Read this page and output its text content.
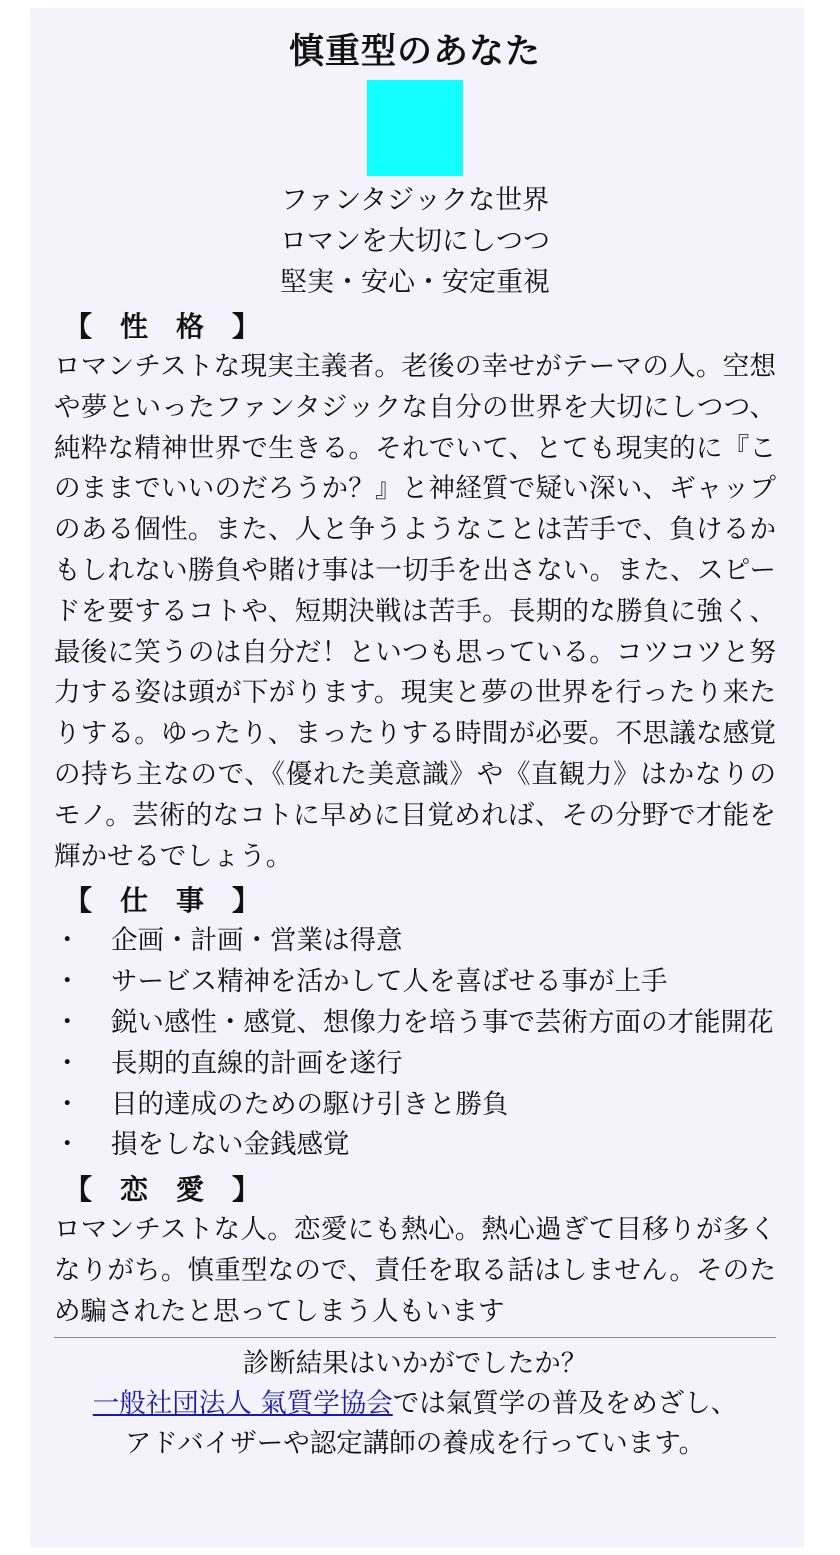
慎重型のあなた

ファンタジックな世界

ロマンを大切にしつつ

堅実・安心・安定重視

【　性　格　】

ロマンチストな現実主義者。老後の幸せがテーマの人。空想や夢といったファンタジックな自分の世界を大切にしつつ、純粋な精神世界で生きる。それでいて、とても現実的に『このままでいいのだろうか？』と神経質で疑い深い、ギャップのある個性。また、人と争うようなことは苦手で、負けるかもしれない勝負や賭け事は一切手を出さない。また、スピードを要するコトや、短期決戦は苦手。長期的な勝負に強く、最後に笑うのは自分だ！といつも思っている。コツコツと努力する姿は頭が下がります。現実と夢の世界を行ったり来たりする。ゆったり、まったりする時間が必要。不思議な感覚の持ち主なので、《優れた美意識》や《直観力》はかなりのモノ。芸術的なコトに早めに目覚めれば、その分野で才能を輝かせるでしょう。

【　仕　事　】
・ 企画・計画・営業は得意
・ サービス精神を活かして人を喜ばせる事が上手
・ 鋭い感性・感覚、想像力を培う事で芸術方面の才能開花
・ 長期的直線的計画を遂行
・ 目的達成のための駆け引きと勝負
・ 損をしない金銭感覚
【　恋　愛　】

ロマンチストな人。恋愛にも熱心。熱心過ぎて目移りが多くなりがち。慎重型なので、責任を取る話はしません。そのため騙されたと思ってしまう人もいます

診断結果はいかがでしたか？

一般社団法人 氣質学協会では氣質学の普及をめざし、

アドバイザーや認定講師の養成を行っています。
